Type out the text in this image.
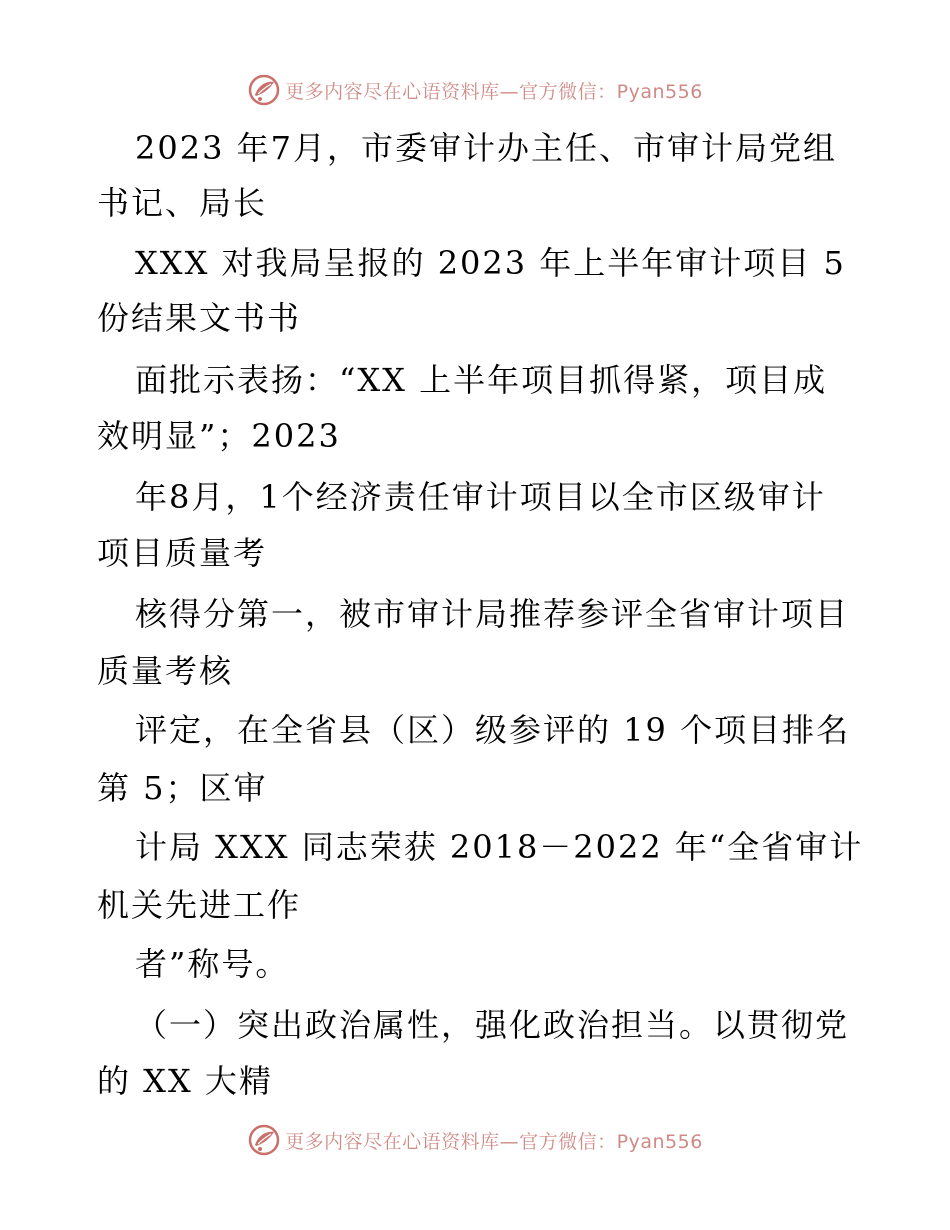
更多内容尽在心语资料库—官方微信：Pyan556
2023 年7月，市委审计办主任、市审计局党组
书记、局长
XXX 对我局呈报的 2023 年上半年审计项目 5
份结果文书书
面批示表扬：“XX 上半年项目抓得紧，项目成
效明显”；2023
年8月，1个经济责任审计项目以全市区级审计
项目质量考
核得分第一，被市审计局推荐参评全省审计项目
质量考核
评定，在全省县（区）级参评的 19 个项目排名
第 5；区审
计局 XXX 同志荣获 2018－2022 年“全省审计
机关先进工作
者”称号。
（一）突出政治属性，强化政治担当。以贯彻党
的 XX 大精
更多内容尽在心语资料库—官方微信：Pyan556
